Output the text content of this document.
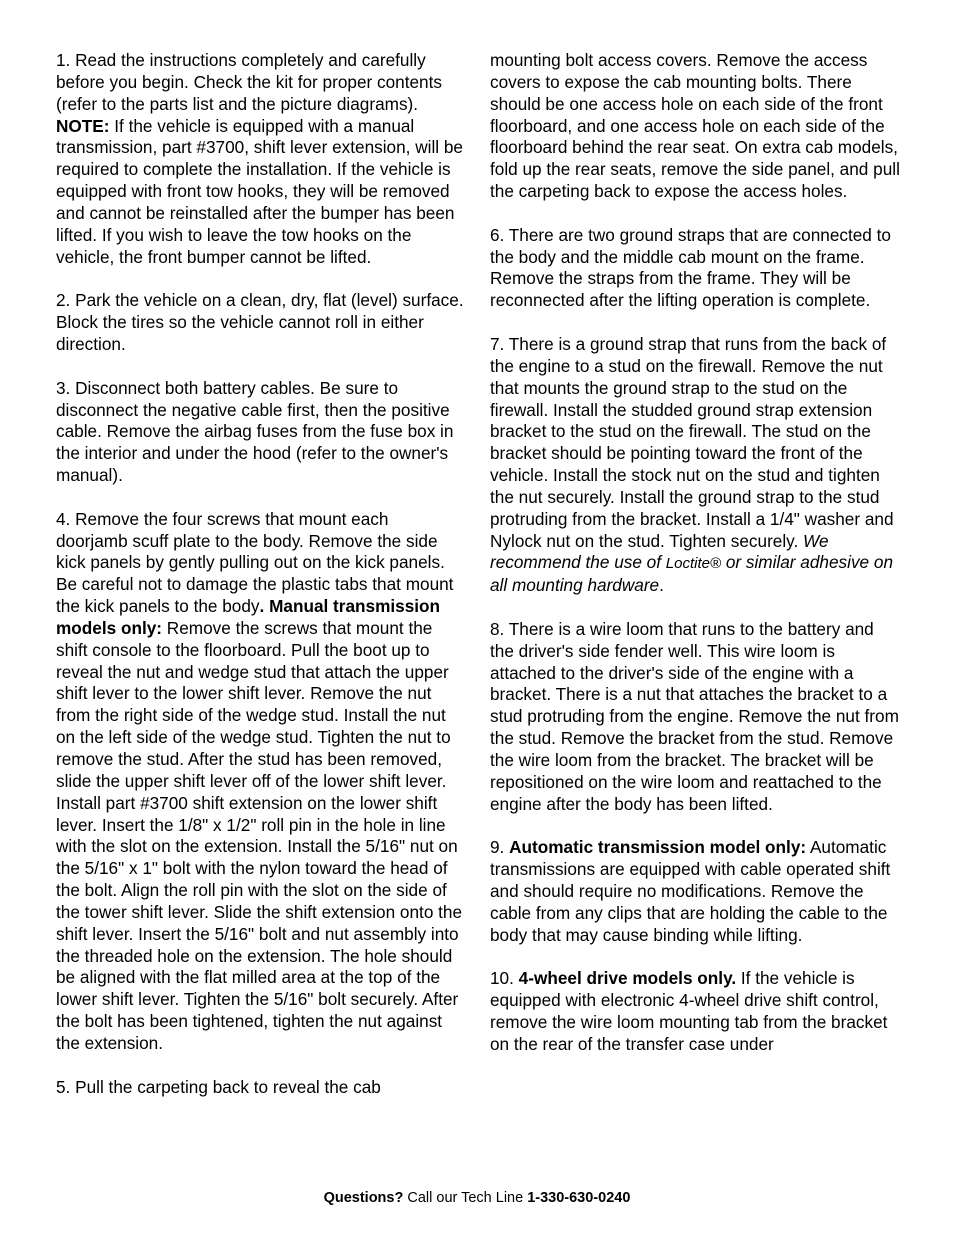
1. Read the instructions completely and carefully before you begin. Check the kit for proper contents (refer to the parts list and the picture diagrams). NOTE: If the vehicle is equipped with a manual transmission, part #3700, shift lever extension, will be required to complete the installation. If the vehicle is equipped with front tow hooks, they will be removed and cannot be reinstalled after the bumper has been lifted. If you wish to leave the tow hooks on the vehicle, the front bumper cannot be lifted.

2. Park the vehicle on a clean, dry, flat (level) surface. Block the tires so the vehicle cannot roll in either direction.

3. Disconnect both battery cables. Be sure to disconnect the negative cable first, then the positive cable. Remove the airbag fuses from the fuse box in the interior and under the hood (refer to the owner's manual).

4. Remove the four screws that mount each doorjamb scuff plate to the body. Remove the side kick panels by gently pulling out on the kick panels. Be careful not to damage the plastic tabs that mount the kick panels to the body. Manual transmission models only: Remove the screws that mount the shift console to the floorboard. Pull the boot up to reveal the nut and wedge stud that attach the upper shift lever to the lower shift lever. Remove the nut from the right side of the wedge stud. Install the nut on the left side of the wedge stud. Tighten the nut to remove the stud. After the stud has been removed, slide the upper shift lever off of the lower shift lever. Install part #3700 shift extension on the lower shift lever. Insert the 1/8" x 1/2" roll pin in the hole in line with the slot on the extension. Install the 5/16" nut on the 5/16" x 1" bolt with the nylon toward the head of the bolt. Align the roll pin with the slot on the side of the tower shift lever. Slide the shift extension onto the shift lever. Insert the 5/16" bolt and nut assembly into the threaded hole on the extension. The hole should be aligned with the flat milled area at the top of the lower shift lever. Tighten the 5/16" bolt securely. After the bolt has been tightened, tighten the nut against the extension.

5. Pull the carpeting back to reveal the cab

mounting bolt access covers. Remove the access covers to expose the cab mounting bolts. There should be one access hole on each side of the front floorboard, and one access hole on each side of the floorboard behind the rear seat. On extra cab models, fold up the rear seats, remove the side panel, and pull the carpeting back to expose the access holes.

6. There are two ground straps that are connected to the body and the middle cab mount on the frame. Remove the straps from the frame. They will be reconnected after the lifting operation is complete.

7. There is a ground strap that runs from the back of the engine to a stud on the firewall. Remove the nut that mounts the ground strap to the stud on the firewall. Install the studded ground strap extension bracket to the stud on the firewall. The stud on the bracket should be pointing toward the front of the vehicle. Install the stock nut on the stud and tighten the nut securely. Install the ground strap to the stud protruding from the bracket. Install a 1/4" washer and Nylock nut on the stud. Tighten securely. We recommend the use of Loctite® or similar adhesive on all mounting hardware.

8. There is a wire loom that runs to the battery and the driver's side fender well. This wire loom is attached to the driver's side of the engine with a bracket. There is a nut that attaches the bracket to a stud protruding from the engine. Remove the nut from the stud. Remove the bracket from the stud. Remove the wire loom from the bracket. The bracket will be repositioned on the wire loom and reattached to the engine after the body has been lifted.

9. Automatic transmission model only: Automatic transmissions are equipped with cable operated shift and should require no modifications. Remove the cable from any clips that are holding the cable to the body that may cause binding while lifting.

10. 4-wheel drive models only. If the vehicle is equipped with electronic 4-wheel drive shift control, remove the wire loom mounting tab from the bracket on the rear of the transfer case under

Questions? Call our Tech Line 1-330-630-0240
